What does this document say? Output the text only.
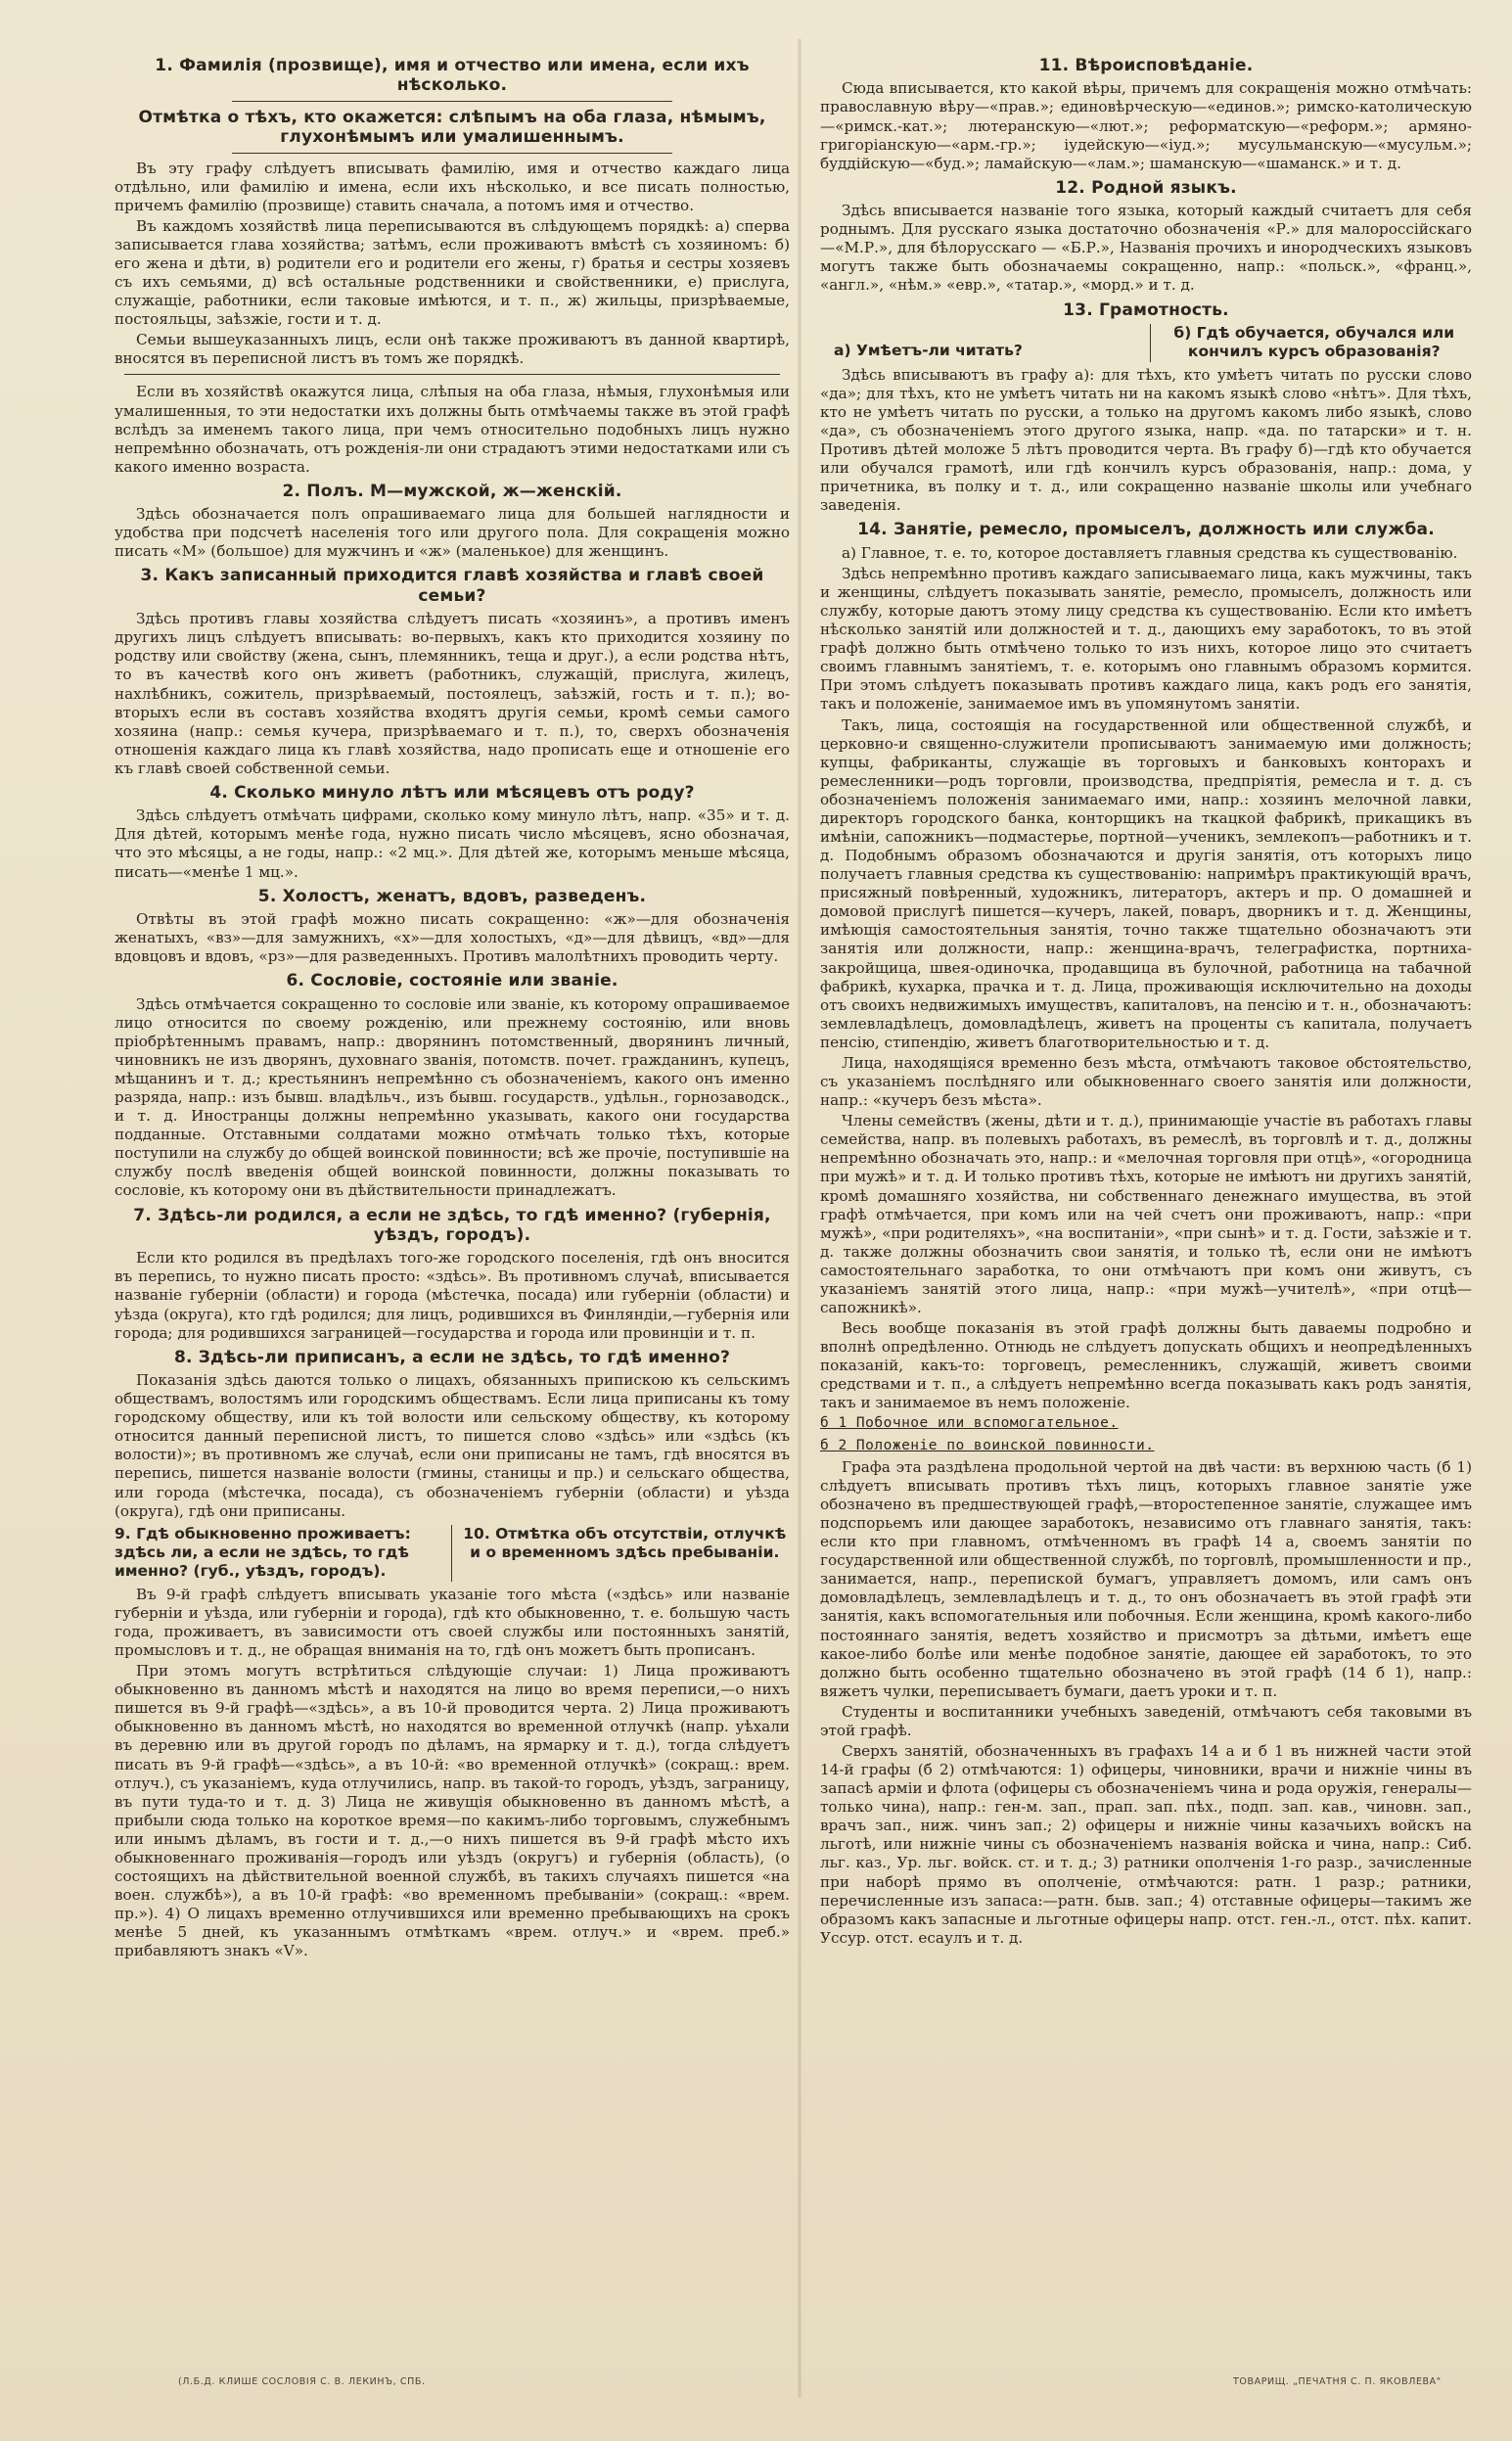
1. Фамилія (прозвище), имя и отчество или имена, если ихъ нѣсколько.
Отмѣтка о тѣхъ, кто окажется: слѣпымъ на оба глаза, нѣмымъ, глухонѣмымъ или умалишеннымъ.

Въ эту графу слѣдуетъ вписывать фамилію, имя и отчество каждаго лица отдѣльно, или фамилію и имена, если ихъ нѣсколько, и все писать полностью, причемъ фамилію (прозвище) ставить сначала, а потомъ имя и отчество.

Въ каждомъ хозяйствѣ лица переписываются въ слѣдующемъ порядкѣ: а) сперва записывается глава хозяйства; затѣмъ, если проживаютъ вмѣстѣ съ хозяиномъ: б) его жена и дѣти, в) родители его и родители его жены, г) братья и сестры хозяевъ съ ихъ семьями, д) всѣ остальные родственники и свойственники, е) прислуга, служащіе, работники, если таковые имѣются, и т. п., ж) жильцы, призрѣваемые, постояльцы, заѣзжіе, гости и т. д.

Семьи вышеуказанныхъ лицъ, если онѣ также проживаютъ въ данной квартирѣ, вносятся въ переписной листъ въ томъ же порядкѣ.

Если въ хозяйствѣ окажутся лица, слѣпыя на оба глаза, нѣмыя, глухонѣмыя или умалишенныя, то эти недостатки ихъ должны быть отмѣчаемы также въ этой графѣ вслѣдъ за именемъ такого лица, при чемъ относительно подобныхъ лицъ нужно непремѣнно обозначать, отъ рожденія-ли они страдаютъ этими недостатками или съ какого именно возраста.

2. Полъ. М—мужской, ж—женскій.

Здѣсь обозначается полъ опрашиваемаго лица для большей наглядности и удобства при подсчетѣ населенія того или другого пола. Для сокращенія можно писать «М» (большое) для мужчинъ и «ж» (маленькое) для женщинъ.

3. Какъ записанный приходится главѣ хозяйства и главѣ своей семьи?

Здѣсь противъ главы хозяйства слѣдуетъ писать «хозяинъ», а противъ именъ другихъ лицъ слѣдуетъ вписывать: во-первыхъ, какъ кто приходится хозяину по родству или свойству (жена, сынъ, племянникъ, теща и друг.), а если родства нѣтъ, то въ качествѣ кого онъ живетъ (работникъ, служащій, прислуга, жилецъ, нахлѣбникъ, сожитель, призрѣваемый, постоялецъ, заѣзжій, гость и т. п.); во-вторыхъ если въ составъ хозяйства входятъ другія семьи, кромѣ семьи самого хозяина (напр.: семья кучера, призрѣваемаго и т. п.), то, сверхъ обозначенія отношенія каждаго лица къ главѣ хозяйства, надо прописать еще и отношеніе его къ главѣ своей собственной семьи.

4. Сколько минуло лѣтъ или мѣсяцевъ отъ роду?

Здѣсь слѣдуетъ отмѣчать цифрами, сколько кому минуло лѣтъ, напр. «35» и т. д. Для дѣтей, которымъ менѣе года, нужно писать число мѣсяцевъ, ясно обозначая, что это мѣсяцы, а не годы, напр.: «2 мц.». Для дѣтей же, которымъ меньше мѣсяца, писать—«менѣе 1 мц.».

5. Холостъ, женатъ, вдовъ, разведенъ.

Отвѣты въ этой графѣ можно писать сокращенно: «ж»—для обозначенія женатыхъ, «вз»—для замужнихъ, «х»—для холостыхъ, «д»—для дѣвицъ, «вд»—для вдовцовъ и вдовъ, «рз»—для разведенныхъ. Противъ малолѣтнихъ проводить черту.

6. Сословіе, состояніе или званіе.

Здѣсь отмѣчается сокращенно то сословіе или званіе, къ которому опрашиваемое лицо относится по своему рожденію, или прежнему состоянію, или вновь пріобрѣтеннымъ правамъ, напр.: дворянинъ потомственный, дворянинъ личный, чиновникъ не изъ дворянъ, духовнаго званія, потомств. почет. гражданинъ, купецъ, мѣщанинъ и т. д.; крестьянинъ непремѣнно съ обозначеніемъ, какого онъ именно разряда, напр.: изъ бывш. владѣльч., изъ бывш. государств., удѣльн., горнозаводск., и т. д. Иностранцы должны непремѣнно указывать, какого они государства подданные. Отставными солдатами можно отмѣчать только тѣхъ, которые поступили на службу до общей воинской повинности; всѣ же прочіе, поступившіе на службу послѣ введенія общей воинской повинности, должны показывать то сословіе, къ которому они въ дѣйствительности принадлежатъ.

7. Здѣсь-ли родился, а если не здѣсь, то гдѣ именно? (губернія, уѣздъ, городъ).

Если кто родился въ предѣлахъ того-же городского поселенія, гдѣ онъ вносится въ перепись, то нужно писать просто: «здѣсь». Въ противномъ случаѣ, вписывается названіе губерніи (области) и города (мѣстечка, посада) или губерніи (области) и уѣзда (округа), кто гдѣ родился; для лицъ, родившихся въ Финляндіи,—губернія или города; для родившихся заграницей—государства и города или провинціи и т. п.

8. Здѣсь-ли приписанъ, а если не здѣсь, то гдѣ именно?

Показанія здѣсь даются только о лицахъ, обязанныхъ припискою къ сельскимъ обществамъ, волостямъ или городскимъ обществамъ. Если лица приписаны къ тому городскому обществу, или къ той волости или сельскому обществу, къ которому относится данный переписной листъ, то пишется слово «здѣсь» или «здѣсь (къ волости)»; въ противномъ же случаѣ, если они приписаны не тамъ, гдѣ вносятся въ перепись, пишется названіе волости (гмины, станицы и пр.) и сельскаго общества, или города (мѣстечка, посада), съ обозначеніемъ губерніи (области) и уѣзда (округа), гдѣ они приписаны.

9. Гдѣ обыкновенно проживаетъ: здѣсь ли, а если не здѣсь, то гдѣ именно? (губ., уѣздъ, городъ).
10. Отмѣтка объ отсутствіи, отлучкѣ и о временномъ здѣсь пребываніи.

Въ 9-й графѣ слѣдуетъ вписывать указаніе того мѣста («здѣсь» или названіе губерніи и уѣзда, или губерніи и города), гдѣ кто обыкновенно, т. е. большую часть года, проживаетъ, въ зависимости отъ своей службы или постоянныхъ занятій, промысловъ и т. д., не обращая вниманія на то, гдѣ онъ можетъ быть прописанъ.

При этомъ могутъ встрѣтиться слѣдующіе случаи: 1) Лица проживаютъ обыкновенно въ данномъ мѣстѣ и находятся на лицо во время переписи,—о нихъ пишется въ 9-й графѣ—«здѣсь», а въ 10-й проводится черта. 2) Лица проживаютъ обыкновенно въ данномъ мѣстѣ, но находятся во временной отлучкѣ (напр. уѣхали въ деревню или въ другой городъ по дѣламъ, на ярмарку и т. д.), тогда слѣдуетъ писать въ 9-й графѣ—«здѣсь», а въ 10-й: «во временной отлучкѣ» (сокращ.: врем. отлуч.), съ указаніемъ, куда отлучились, напр. въ такой-то городъ, уѣздъ, заграницу, въ пути туда-то и т. д. 3) Лица не живущія обыкновенно въ данномъ мѣстѣ, а прибыли сюда только на короткое время—по какимъ-либо торговымъ, служебнымъ или инымъ дѣламъ, въ гости и т. д.,—о нихъ пишется въ 9-й графѣ мѣсто ихъ обыкновеннаго проживанія—городъ или уѣздъ (округъ) и губернія (область), (о состоящихъ на дѣйствительной военной службѣ, въ такихъ случаяхъ пишется «на воен. службѣ»), а въ 10-й графѣ: «во временномъ пребываніи» (сокращ.: «врем. пр.»). 4) О лицахъ временно отлучившихся или временно пребывающихъ на срокъ менѣе 5 дней, къ указаннымъ отмѣткамъ «врем. отлуч.» и «врем. преб.» прибавляютъ знакъ «V».

11. Вѣроисповѣданіе.

Сюда вписывается, кто какой вѣры, причемъ для сокращенія можно отмѣчать: православную вѣру—«прав.»; единовѣрческую—«единов.»; римско-католическую—«римск.-кат.»; лютеранскую—«лют.»; реформатскую—«реформ.»; армяно-григоріанскую—«арм.-гр.»; іудейскую—«іуд.»; мусульманскую—«мусульм.»; буддійскую—«буд.»; ламайскую—«лам.»; шаманскую—«шаманск.» и т. д.

12. Родной языкъ.

Здѣсь вписывается названіе того языка, который каждый считаетъ для себя роднымъ. Для русскаго языка достаточно обозначенія «Р.» для малороссійскаго—«М.Р.», для бѣлорусскаго — «Б.Р.», Названія прочихъ и инородческихъ языковъ могутъ также быть обозначаемы сокращенно, напр.: «польск.», «франц.», «англ.», «нѣм.» «евр.», «татар.», «морд.» и т. д.

13. Грамотность.
а) Умѣетъ-ли читать?
б) Гдѣ обучается, обучался или кончилъ курсъ образованія?

Здѣсь вписываютъ въ графу а): для тѣхъ, кто умѣетъ читать по русски слово «да»; для тѣхъ, кто не умѣетъ читать ни на какомъ языкѣ слово «нѣтъ». Для тѣхъ, кто не умѣетъ читать по русски, а только на другомъ какомъ либо языкѣ, слово «да», съ обозначеніемъ этого другого языка, напр. «да. по татарски» и т. н. Противъ дѣтей моложе 5 лѣтъ проводится черта. Въ графу б)—гдѣ кто обучается или обучался грамотѣ, или гдѣ кончилъ курсъ образованія, напр.: дома, у причетника, въ полку и т. д., или сокращенно названіе школы или учебнаго заведенія.

14. Занятіе, ремесло, промыселъ, должность или служба.

а) Главное, т. е. то, которое доставляетъ главныя средства къ существованію.

Здѣсь непремѣнно противъ каждаго записываемаго лица, какъ мужчины, такъ и женщины, слѣдуетъ показывать занятіе, ремесло, промыселъ, должность или службу, которые даютъ этому лицу средства къ существованію. Если кто имѣетъ нѣсколько занятій или должностей и т. д., дающихъ ему заработокъ, то въ этой графѣ должно быть отмѣчено только то изъ нихъ, которое лицо это считаетъ своимъ главнымъ занятіемъ, т. е. которымъ оно главнымъ образомъ кормится. При этомъ слѣдуетъ показывать противъ каждаго лица, какъ родъ его занятія, такъ и положеніе, занимаемое имъ въ упомянутомъ занятіи.

Такъ, лица, состоящія на государственной или общественной службѣ, и церковно-и священно-служители прописываютъ занимаемую ими должность; купцы, фабриканты, служащіе въ торговыхъ и банковыхъ конторахъ и ремесленники—родъ торговли, производства, предпріятія, ремесла и т. д. съ обозначеніемъ положенія занимаемаго ими, напр.: хозяинъ мелочной лавки, директоръ городского банка, конторщикъ на ткацкой фабрикѣ, прикащикъ въ имѣніи, сапожникъ—подмастерье, портной—ученикъ, землекопъ—работникъ и т. д. Подобнымъ образомъ обозначаются и другія занятія, отъ которыхъ лицо получаетъ главныя средства къ существованію: напримѣръ практикующій врачъ, присяжный повѣренный, художникъ, литераторъ, актеръ и пр. О домашней и домовой прислугѣ пишется—кучеръ, лакей, поваръ, дворникъ и т. д. Женщины, имѣющія самостоятельныя занятія, точно также тщательно обозначаютъ эти занятія или должности, напр.: женщина-врачъ, телеграфистка, портниха-закройщица, швея-одиночка, продавщица въ булочной, работница на табачной фабрикѣ, кухарка, прачка и т. д. Лица, проживающія исключительно на доходы отъ своихъ недвижимыхъ имуществъ, капиталовъ, на пенсію и т. н., обозначаютъ: землевладѣлецъ, домовладѣлецъ, живетъ на проценты съ капитала, получаетъ пенсію, стипендію, живетъ благотворительностью и т. д.

Лица, находящіяся временно безъ мѣста, отмѣчаютъ таковое обстоятельство, съ указаніемъ послѣдняго или обыкновеннаго своего занятія или должности, напр.: «кучеръ безъ мѣста».

Члены семействъ (жены, дѣти и т. д.), принимающіе участіе въ работахъ главы семейства, напр. въ полевыхъ работахъ, въ ремеслѣ, въ торговлѣ и т. д., должны непремѣнно обозначать это, напр.: и «мелочная торговля при отцѣ», «огородница при мужѣ» и т. д. И только противъ тѣхъ, которые не имѣютъ ни другихъ занятій, кромѣ домашняго хозяйства, ни собственнаго денежнаго имущества, въ этой графѣ отмѣчается, при комъ или на чей счетъ они проживаютъ, напр.: «при мужѣ», «при родителяхъ», «на воспитаніи», «при сынѣ» и т. д. Гости, заѣзжіе и т. д. также должны обозначить свои занятія, и только тѣ, если они не имѣютъ самостоятельнаго заработка, то они отмѣчаютъ при комъ они живутъ, съ указаніемъ занятій этого лица, напр.: «при мужѣ—учителѣ», «при отцѣ—сапожникѣ».

Весь вообще показанія въ этой графѣ должны быть даваемы подробно и вполнѣ опредѣленно. Отнюдь не слѣдуетъ допускать общихъ и неопредѣленныхъ показаній, какъ-то: торговецъ, ремесленникъ, служащій, живетъ своими средствами и т. п., а слѣдуетъ непремѣнно всегда показывать какъ родъ занятія, такъ и занимаемое въ немъ положеніе.

б 1 Побочное или вспомогательное.
б 2 Положеніе по воинской повинности.

Графа эта раздѣлена продольной чертой на двѣ части: въ верхнюю часть (б 1) слѣдуетъ вписывать противъ тѣхъ лицъ, которыхъ главное занятіе уже обозначено въ предшествующей графѣ,—второстепенное занятіе, служащее имъ подспорьемъ или дающее заработокъ, независимо отъ главнаго занятія, такъ: если кто при главномъ, отмѣченномъ въ графѣ 14 а, своемъ занятіи по государственной или общественной службѣ, по торговлѣ, промышленности и пр., занимается, напр., перепиской бумагъ, управляетъ домомъ, или самъ онъ домовладѣлецъ, землевладѣлецъ и т. д., то онъ обозначаетъ въ этой графѣ эти занятія, какъ вспомогательныя или побочныя. Если женщина, кромѣ какого-либо постояннаго занятія, ведетъ хозяйство и присмотръ за дѣтьми, имѣетъ еще какое-либо болѣе или менѣе подобное занятіе, дающее ей заработокъ, то это должно быть особенно тщательно обозначено въ этой графѣ (14 б 1), напр.: вяжетъ чулки, переписываетъ бумаги, даетъ уроки и т. п.

Студенты и воспитанники учебныхъ заведеній, отмѣчаютъ себя таковыми въ этой графѣ.

Сверхъ занятій, обозначенныхъ въ графахъ 14 а и б 1 въ нижней части этой 14-й графы (б 2) отмѣчаются: 1) офицеры, чиновники, врачи и нижніе чины въ запасѣ арміи и флота (офицеры съ обозначеніемъ чина и рода оружія, генералы—только чина), напр.: ген-м. зап., прап. зап. пѣх., подп. зап. кав., чиновн. зап., врачъ зап., ниж. чинъ зап.; 2) офицеры и нижніе чины казачьихъ войскъ на льготѣ, или нижніе чины съ обозначеніемъ названія войска и чина, напр.: Сиб. льг. каз., Ур. льг. войск. ст. и т. д.; 3) ратники ополченія 1-го разр., зачисленные при наборѣ прямо въ ополченіе, отмѣчаются: ратн. 1 разр.; ратники, перечисленные изъ запаса:—ратн. быв. зап.; 4) отставные офицеры—такимъ же образомъ какъ запасные и льготные офицеры напр. отст. ген.-л., отст. пѣх. капит. Уссур. отст. есаулъ и т. д.

(Л.Б.Д. КЛИШЕ СОСЛОВІЯ С. В. ЛЕКИНЪ, СПБ.	ТОВАРИЩ. „ПЕЧАТНЯ С. П. ЯКОВЛЕВА"
